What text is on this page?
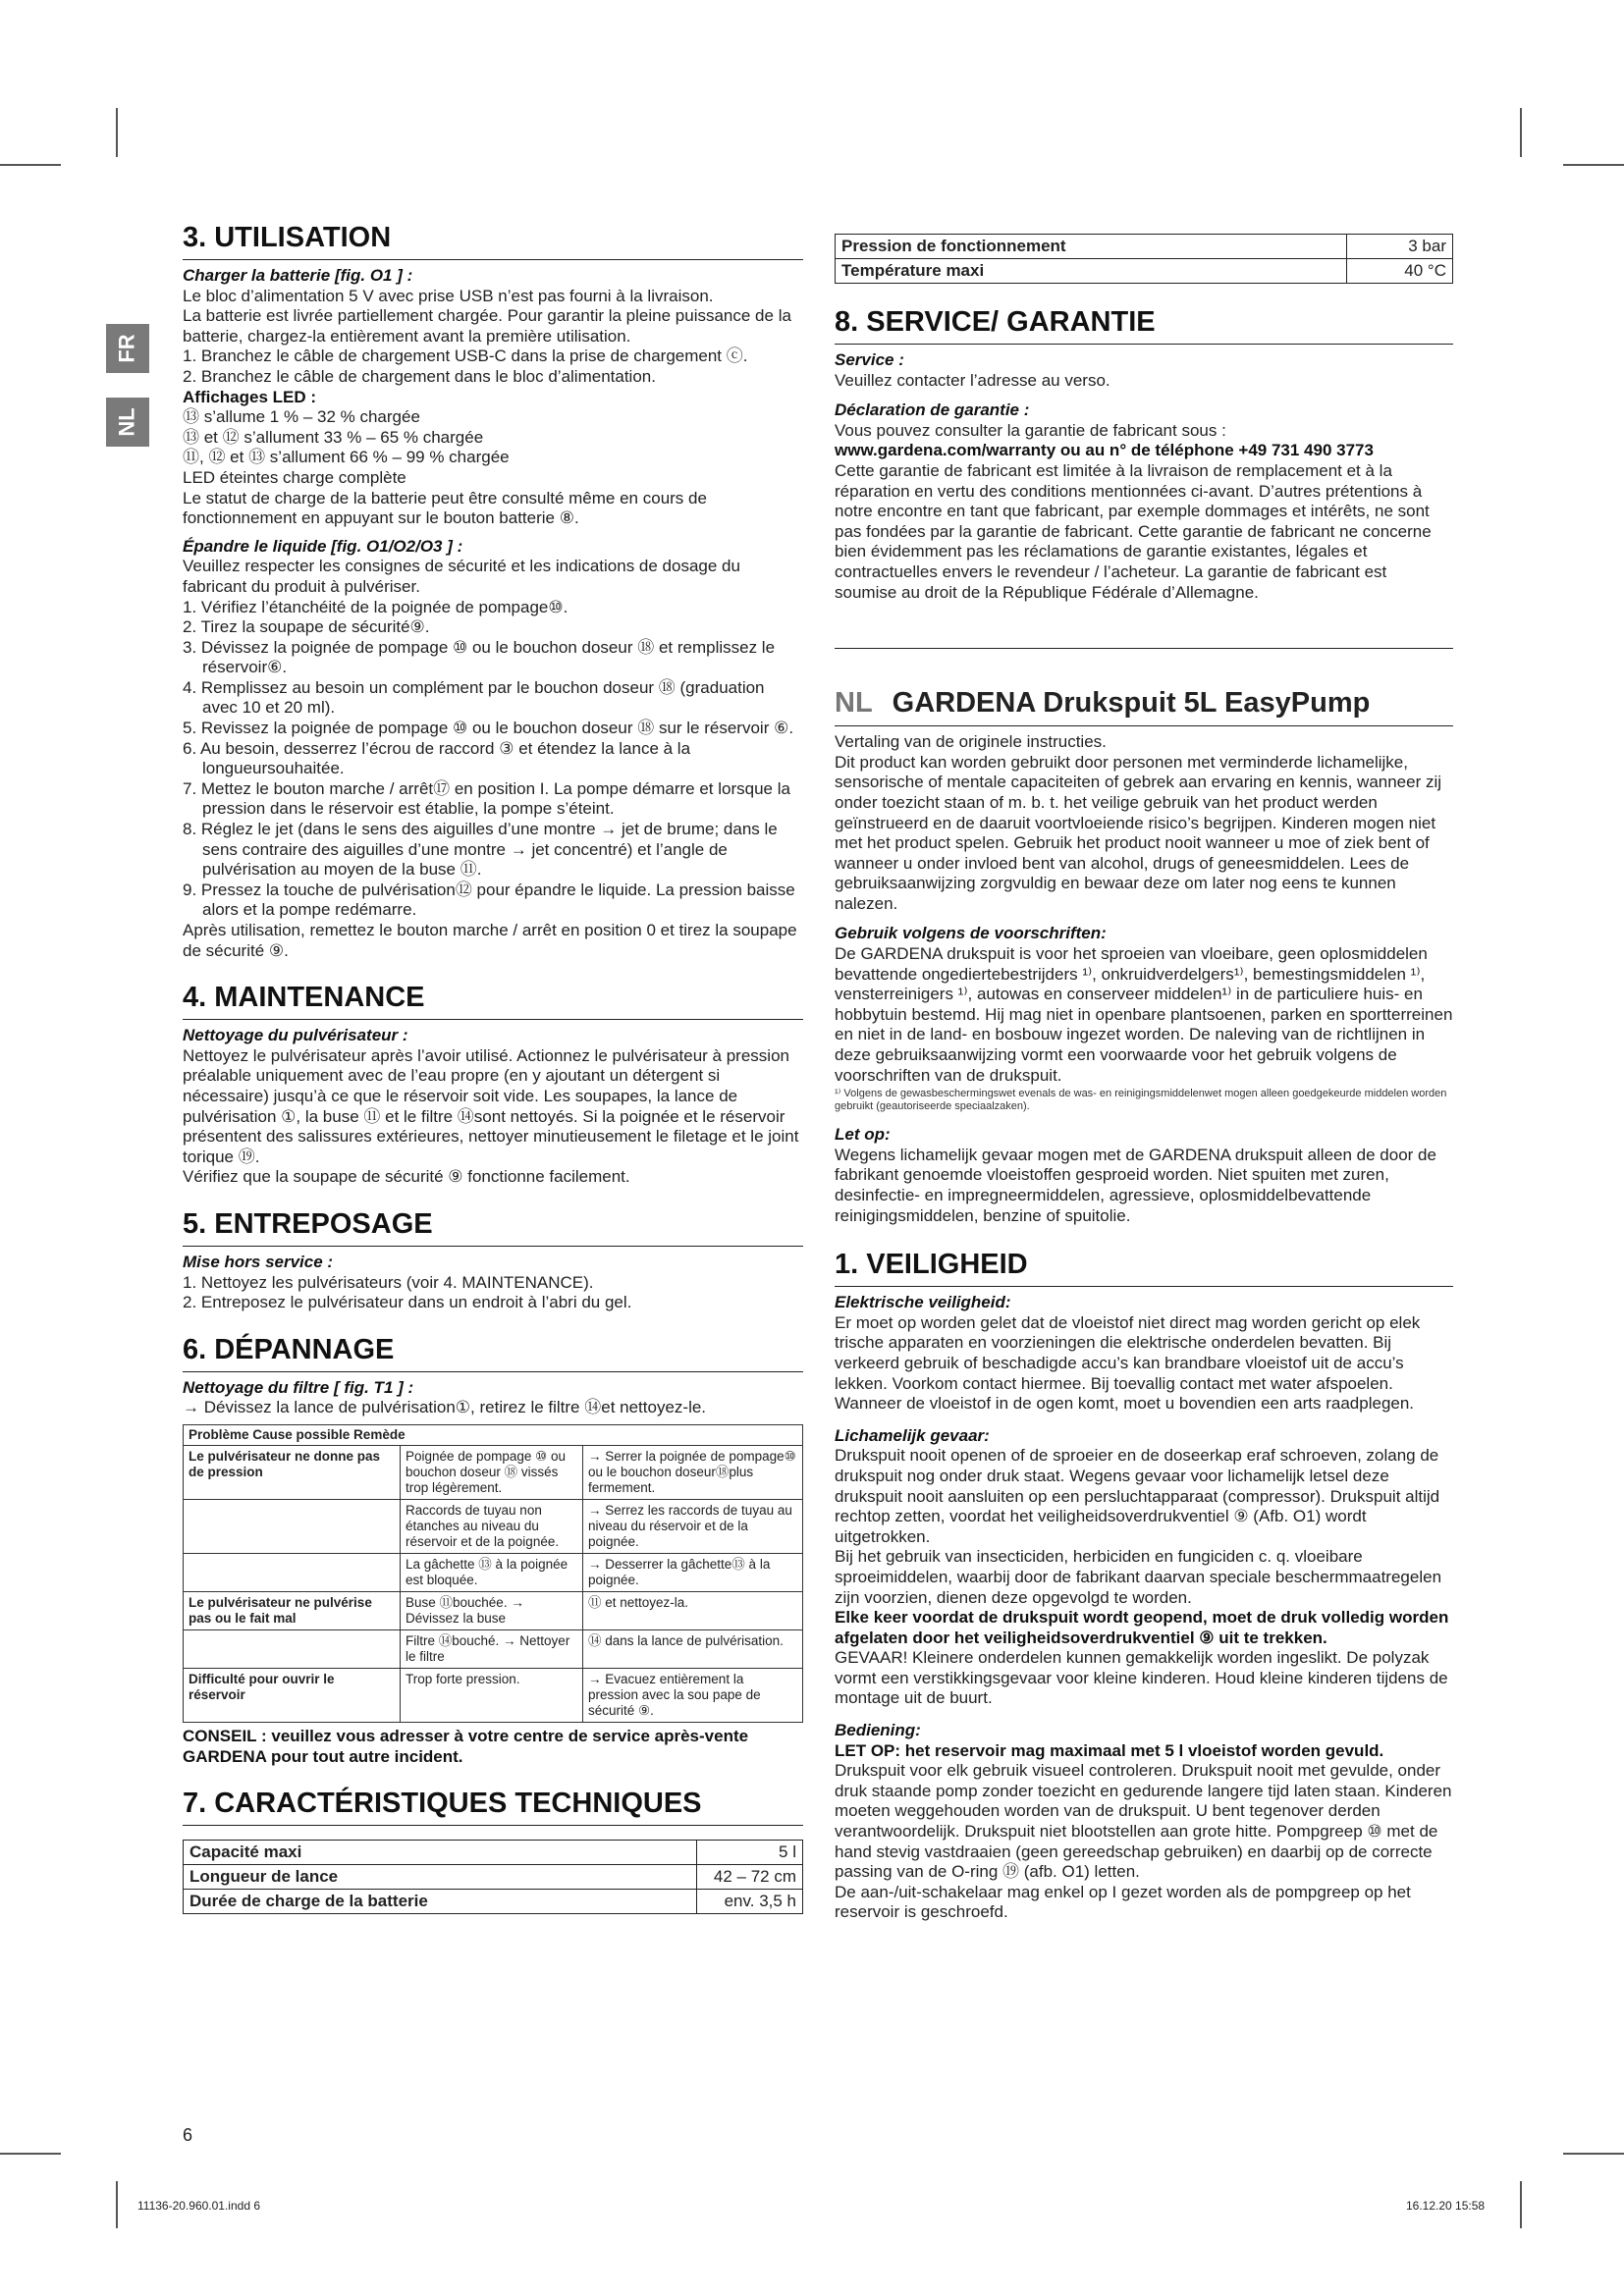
FR
NL
3. UTILISATION
Charger la batterie [fig. O1 ] :

Le bloc d’alimentation 5 V avec prise USB n’est pas fourni à la livraison.

La batterie est livrée partiellement chargée. Pour garantir la pleine puissance de la batterie, chargez-la entièrement avant la première utilisation.

1. Branchez le câble de chargement USB-C dans la prise de chargement ⓒ.
2. Branchez le câble de chargement dans le bloc d’alimentation.

Affichages LED :

⑬ s’allume 1 % – 32 % chargée
⑬ et ⑫ s’allument 33 % – 65 % chargée
⑪, ⑫ et ⑬ s’allument 66 % – 99 % chargée
LED éteintes charge complète

Le statut de charge de la batterie peut être consulté même en cours de fonctionnement en appuyant sur le bouton batterie ⑧.

Épandre le liquide [fig. O1/O2/O3 ] :

Veuillez respecter les consignes de sécurité et les indications de dosage du fabricant du produit à pulvériser.

1. Vérifiez l’étanchéité de la poignée de pompage⑩.
2. Tirez la soupape de sécurité⑨.
3. Dévissez la poignée de pompage ⑩ ou le bouchon doseur ⑱ et remplissez le réservoir⑥.
4. Remplissez au besoin un complément par le bouchon doseur ⑱ (graduation avec 10 et 20 ml).
5. Revissez la poignée de pompage ⑩ ou le bouchon doseur ⑱ sur le réservoir ⑥.
6. Au besoin, desserrez l’écrou de raccord ③ et étendez la lance à la longueursouhaitée.
7. Mettez le bouton marche / arrêt⑰ en position I. La pompe démarre et lorsque la pression dans le réservoir est établie, la pompe s’éteint.
8. Réglez le jet (dans le sens des aiguilles d’une montre → jet de brume; dans le sens contraire des aiguilles d’une montre → jet concentré) et l’angle de pulvérisation au moyen de la buse ⑪.
9. Pressez la touche de pulvérisation⑫ pour épandre le liquide. La pression baisse alors et la pompe redémarre.

Après utilisation, remettez le bouton marche / arrêt en position 0 et tirez la soupape de sécurité ⑨.

4. MAINTENANCE
Nettoyage du pulvérisateur :

Nettoyez le pulvérisateur après l’avoir utilisé. Actionnez le pulvérisateur à pression préalable uniquement avec de l’eau propre (en y ajoutant un détergent si nécessaire) jusqu’à ce que le réservoir soit vide. Les soupapes, la lance de pulvérisation ①, la buse ⑪ et le filtre ⑭sont nettoyés. Si la poignée et le réservoir présentent des salissures extérieures, nettoyer minutieusement le filetage et le joint torique ⑲.

Vérifiez que la soupape de sécurité ⑨ fonctionne facilement.

5. ENTREPOSAGE
Mise hors service :
1. Nettoyez les pulvérisateurs (voir 4. MAINTENANCE).
2. Entreposez le pulvérisateur dans un endroit à l’abri du gel.
6. DÉPANNAGE
Nettoyage du filtre [ fig. T1 ] :

→ Dévissez la lance de pulvérisation①, retirez le filtre ⑭et nettoyez-le.

Problème Cause possible Remède		
Le pulvérisateur ne donne pas de pression	Poignée de pompage ⑩ ou bouchon doseur ⑱ vissés trop légèrement.	→ Serrer la poignée de pompage⑩ ou le bouchon doseur⑱plus fermement.
	Raccords de tuyau non étanches au niveau du réservoir et de la poignée.	→ Serrez les raccords de tuyau au niveau du réservoir et de la poignée.
	La gâchette ⑬ à la poignée est bloquée.	→ Desserrer la gâchette⑬ à la poignée.
Le pulvérisateur ne pulvérise pas ou le fait mal	Buse ⑪bouchée. → Dévissez la buse	⑪ et nettoyez-la.
	Filtre ⑭bouché. → Nettoyer le filtre	⑭ dans la lance de pulvérisation.
Difficulté pour ouvrir le réservoir	Trop forte pression.	→ Evacuez entièrement la pression avec la sou pape de sécurité ⑨.

CONSEIL : veuillez vous adresser à votre centre de service après-vente GARDENA pour tout autre incident.

7. CARACTÉRISTIQUES TECHNIQUES
Capacité maxi	5 l
Longueur de lance	42 – 72 cm
Durée de charge de la batterie	env. 3,5 h
Pression de fonctionnement	3 bar
Température maxi	40 °C
8. SERVICE/ GARANTIE
Service :

Veuillez contacter l’adresse au verso.

Déclaration de garantie :

Vous pouvez consulter la garantie de fabricant sous :

www.gardena.com/warranty ou au n° de téléphone +49 731 490 3773

Cette garantie de fabricant est limitée à la livraison de remplacement et à la réparation en vertu des conditions mentionnées ci-avant. D’autres prétentions à notre encontre en tant que fabricant, par exemple dommages et intérêts, ne sont pas fondées par la garantie de fabricant. Cette garantie de fabricant ne concerne bien évidemment pas les réclamations de garantie existantes, légales et contractuelles envers le revendeur / l’acheteur. La garantie de fabricant est soumise au droit de la République Fédérale d’Allemagne.

NL GARDENA Drukspuit 5L EasyPump

Vertaling van de originele instructies.

Dit product kan worden gebruikt door personen met verminderde lichamelijke, sensorische of mentale capaciteiten of gebrek aan ervaring en kennis, wanneer zij onder toezicht staan of m. b. t. het veilige gebruik van het product werden geïnstrueerd en de daaruit voortvloeiende risico’s begrijpen. Kinderen mogen niet met het product spelen. Gebruik het product nooit wanneer u moe of ziek bent of wanneer u onder invloed bent van alcohol, drugs of geneesmiddelen. Lees de gebruiksaanwijzing zorgvuldig en bewaar deze om later nog eens te kunnen nalezen.

Gebruik volgens de voorschriften:

De GARDENA drukspuit is voor het sproeien van vloeibare, geen oplosmiddelen bevattende ongediertebestrijders ¹⁾, onkruidverdelgers¹⁾, bemestingsmiddelen ¹⁾, vensterreinigers ¹⁾, autowas en conserveer middelen¹⁾ in de particuliere huis- en hobbytuin bestemd. Hij mag niet in openbare plantsoenen, parken en sportterreinen en niet in de land- en bosbouw ingezet worden. De naleving van de richtlijnen in deze gebruiksaanwijzing vormt een voorwaarde voor het gebruik volgens de voorschriften van de drukspuit.

¹⁾ Volgens de gewasbeschermingswet evenals de was- en reinigingsmiddelenwet mogen alleen goedgekeurde middelen worden gebruikt (geautoriseerde speciaalzaken).

Let op:

Wegens lichamelijk gevaar mogen met de GARDENA drukspuit alleen de door de fabrikant genoemde vloeistoffen gesproeid worden. Niet spuiten met zuren, desinfectie- en impregneermiddelen, agressieve, oplosmiddelbevattende reinigingsmiddelen, benzine of spuitolie.

1. VEILIGHEID
Elektrische veiligheid:

Er moet op worden gelet dat de vloeistof niet direct mag worden gericht op elek trische apparaten en voorzieningen die elektrische onderdelen bevatten. Bij verkeerd gebruik of beschadigde accu’s kan brandbare vloeistof uit de accu’s lekken. Voorkom contact hiermee. Bij toevallig contact met water afspoelen. Wanneer de vloeistof in de ogen komt, moet u bovendien een arts raadplegen.

Lichamelijk gevaar:

Drukspuit nooit openen of de sproeier en de doseerkap eraf schroeven, zolang de drukspuit nog onder druk staat. Wegens gevaar voor lichamelijk letsel deze drukspuit nooit aansluiten op een persluchtapparaat (compressor). Drukspuit altijd rechtop zetten, voordat het veiligheidsoverdrukventiel ⑨ (Afb. O1) wordt uitgetrokken.

Bij het gebruik van insecticiden, herbiciden en fungiciden c. q. vloeibare sproeimiddelen, waarbij door de fabrikant daarvan speciale beschermmaatregelen zijn voorzien, dienen deze opgevolgd te worden.

Elke keer voordat de drukspuit wordt geopend, moet de druk volledig worden afgelaten door het veiligheidsoverdrukventiel ⑨ uit te trekken.

GEVAAR! Kleinere onderdelen kunnen gemakkelijk worden ingeslikt. De polyzak vormt een verstikkingsgevaar voor kleine kinderen. Houd kleine kinderen tijdens de montage uit de buurt.

Bediening:

LET OP: het reservoir mag maximaal met 5 l vloeistof worden gevuld.

Drukspuit voor elk gebruik visueel controleren. Drukspuit nooit met gevulde, onder druk staande pomp zonder toezicht en gedurende langere tijd laten staan. Kinderen moeten weggehouden worden van de drukspuit. U bent tegenover derden verantwoordelijk. Drukspuit niet blootstellen aan grote hitte. Pompgreep ⑩ met de hand stevig vastdraaien (geen gereedschap gebruiken) en daarbij op de correcte passing van de O-ring ⑲ (afb. O1) letten.

De aan-/uit-schakelaar mag enkel op I gezet worden als de pompgreep op het reservoir is geschroefd.

6
11136-20.960.01.indd 6	16.12.20 15:58
